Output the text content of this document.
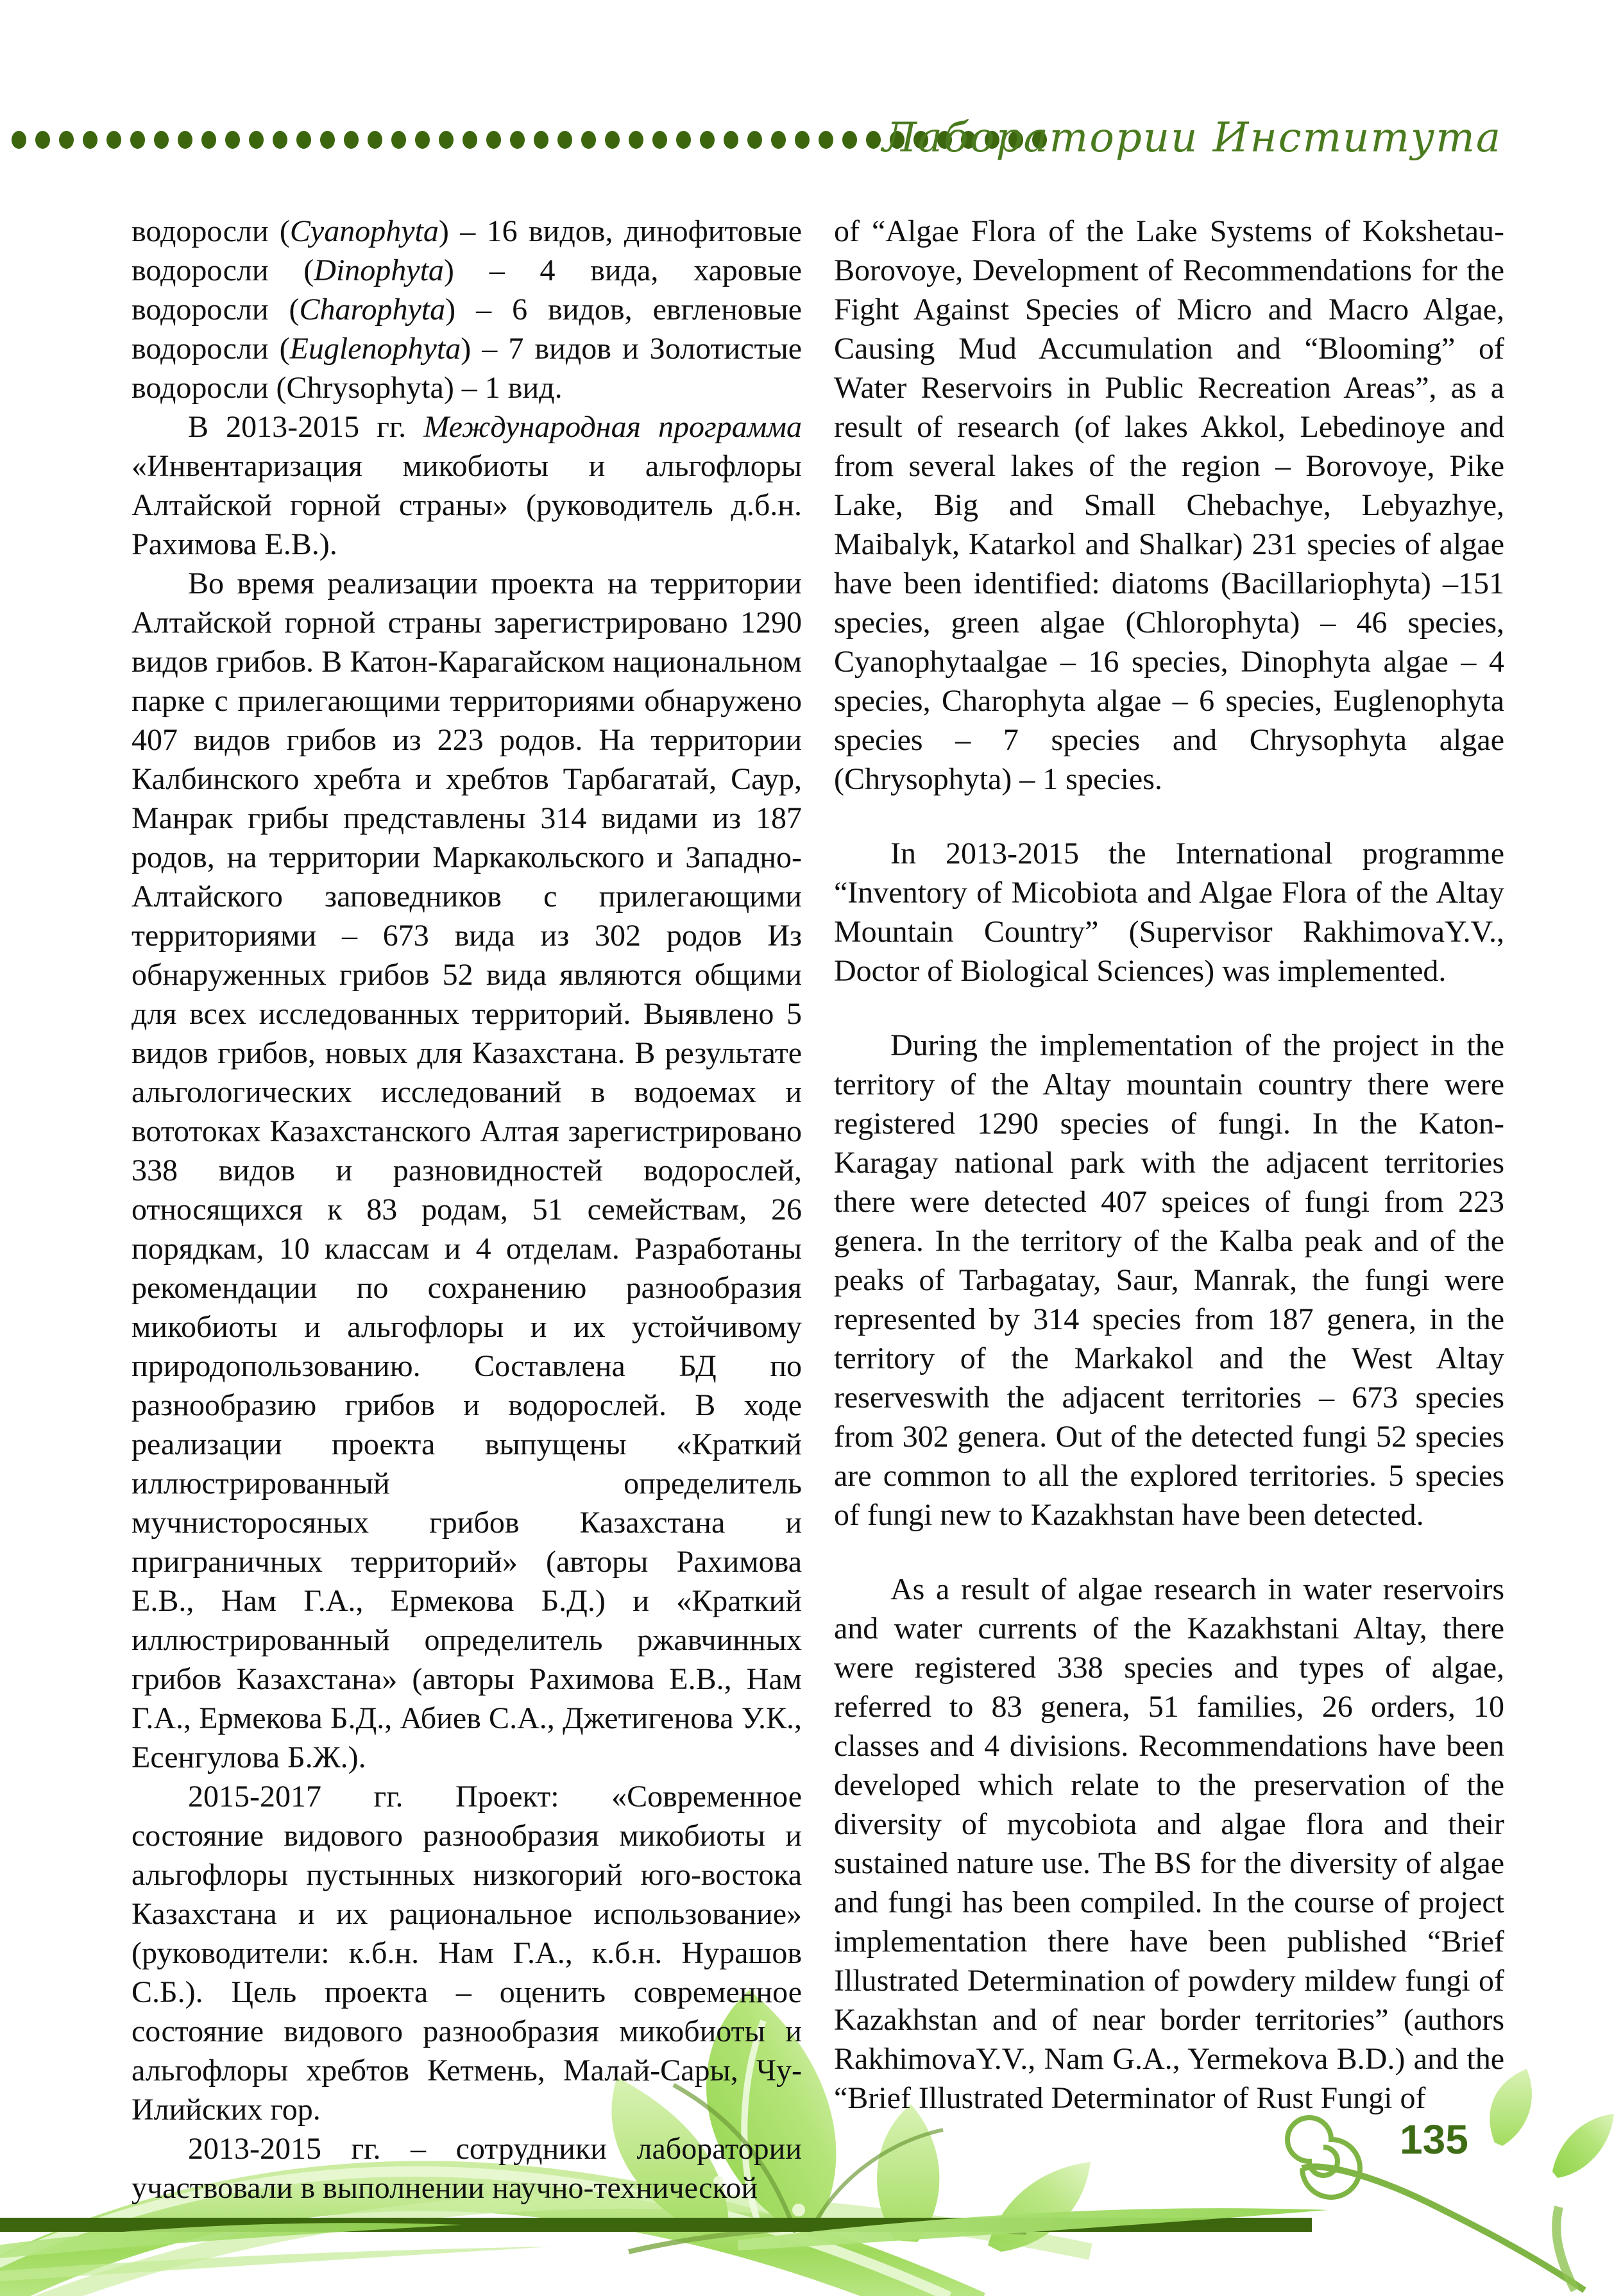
Лаборатории Института

водоросли (Cyanophyta) – 16 видов, динофитовые водоросли (Dinophyta) – 4 вида, харовые водоросли (Charophyta) – 6 видов, евгленовые водоросли (Euglenophyta) – 7 видов и Золотистые водоросли (Chrysophyta) – 1 вид.

В 2013-2015 гг. Международная программа «Инвентаризация микобиоты и альгофлоры Алтайской горной страны» (руководитель д.б.н. Рахимова Е.В.).

Во время реализации проекта на территории Алтайской горной страны зарегистрировано 1290 видов грибов. В Катон-Карагайском национальном парке с прилегающими территориями обнаружено 407 видов грибов из 223 родов. На территории Калбинского хребта и хребтов Тарбагатай, Саур, Манрак грибы представлены 314 видами из 187 родов, на территории Маркакольского и Западно-Алтайского заповедников с прилегающими территориями – 673 вида из 302 родов Из обнаруженных грибов 52 вида являются общими для всех исследованных территорий. Выявлено 5 видов грибов, новых для Казахстана. В результате альгологических исследований в водоемах и вототоках Казахстанского Алтая зарегистрировано 338 видов и разновидностей водорослей, относящихся к 83 родам, 51 семействам, 26 порядкам, 10 классам и 4 отделам. Разработаны рекомендации по сохранению разнообразия микобиоты и альгофлоры и их устойчивому природопользованию. Составлена БД по разнообразию грибов и водорослей. В ходе реализации проекта выпущены «Краткий иллюстрированный определитель мучнисторосяных грибов Казахстана и приграничных территорий» (авторы Рахимова Е.В., Нам Г.А., Ермекова Б.Д.) и «Краткий иллюстрированный определитель ржавчинных грибов Казахстана» (авторы Рахимова Е.В., Нам Г.А., Ермекова Б.Д., Абиев С.А., Джетигенова У.К., Есенгулова Б.Ж.).

2015-2017 гг. Проект: «Современное состояние видового разнообразия микобиоты и альгофлоры пустынных низкогорий юго-востока Казахстана и их рациональное использование» (руководители: к.б.н. Нам Г.А., к.б.н. Нурашов С.Б.). Цель проекта – оценить современное состояние видового разнообразия микобиоты и альгофлоры хребтов Кетмень, Малай-Сары, Чу-Илийских гор.

2013-2015 гг. – сотрудники лаборатории участвовали в выполнении научно-технической

of “Algae Flora of the Lake Systems of Kokshetau-Borovoye, Development of Recommendations for the Fight Against Species of Micro and Macro Algae, Causing Mud Accumulation and “Blooming” of Water Reservoirs in Public Recreation Areas”, as a result of research (of lakes Akkol, Lebedinoye and from several lakes of the region – Borovoye, Pike Lake, Big and Small Chebachye, Lebyazhye, Maibalyk, Katarkol and Shalkar) 231 species of algae have been identified: diatoms (Bacillariophyta) –151 species, green algae (Chlorophyta) – 46 species, Cyanophytaalgae – 16 species, Dinophyta algae – 4 species, Charophyta algae – 6 species, Euglenophyta species – 7 species and Chrysophyta algae (Chrysophyta) – 1 species.

In 2013-2015 the International programme “Inventory of Micobiota and Algae Flora of the Altay Mountain Country” (Supervisor RakhimovaY.V., Doctor of Biological Sciences) was implemented.

During the implementation of the project in the territory of the Altay mountain country there were registered 1290 species of fungi. In the Katon-Karagay national park with the adjacent territories there were detected 407 speices of fungi from 223 genera. In the territory of the Kalba peak and of the peaks of Tarbagatay, Saur, Manrak, the fungi were represented by 314 species from 187 genera, in the territory of the Markakol and the West Altay reserveswith the adjacent territories – 673 species from 302 genera. Out of the detected fungi 52 species are common to all the explored territories. 5 species of fungi new to Kazakhstan have been detected.

As a result of algae research in water reservoirs and water currents of the Kazakhstani Altay, there were registered 338 species and types of algae, referred to 83 genera, 51 families, 26 orders, 10 classes and 4 divisions. Recommendations have been developed which relate to the preservation of the diversity of mycobiota and algae flora and their sustained nature use. The BS for the diversity of algae and fungi has been compiled. In the course of project implementation there have been published “Brief Illustrated Determination of powdery mildew fungi of Kazakhstan and of near border territories” (authors RakhimovaY.V., Nam G.A., Yermekova B.D.) and the “Brief Illustrated Determinator of Rust Fungi of

135
